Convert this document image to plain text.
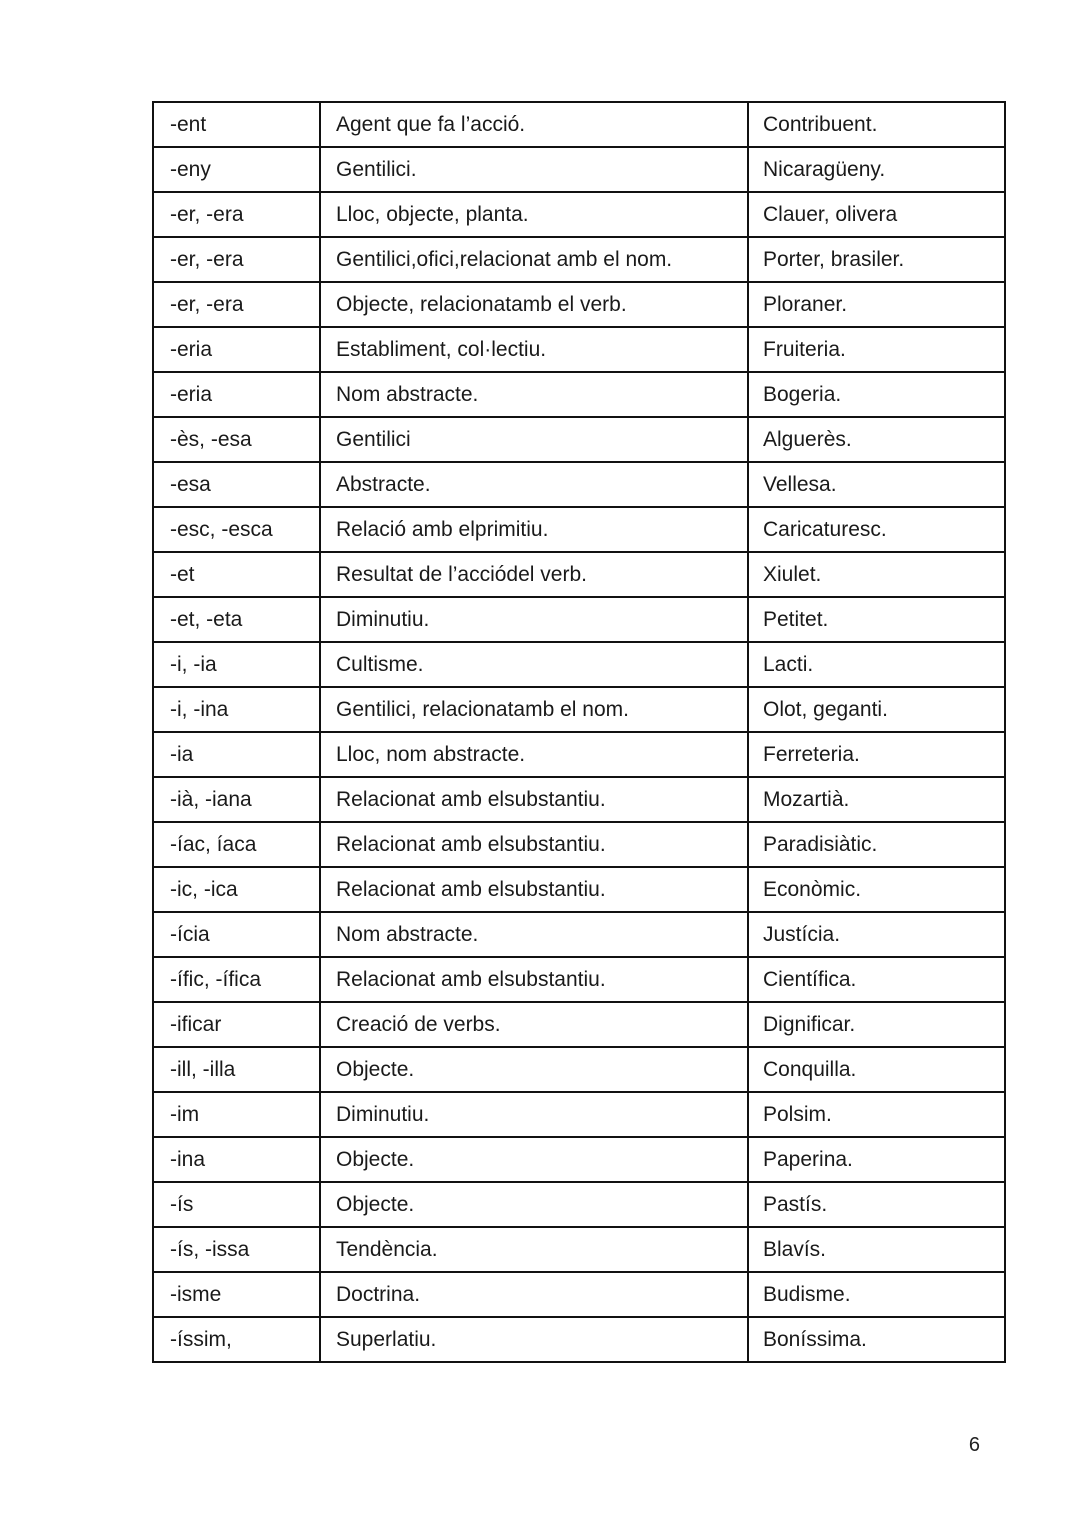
-ent	Agent que fa l’acció.	Contribuent.
-eny	Gentilici.	Nicaragüeny.
-er, -era	Lloc, objecte, planta.	Clauer, olivera
-er, -era	Gentilici,ofici,relacionat amb el nom.	Porter, brasiler.
-er, -era	Objecte, relacionatamb el verb.	Ploraner.
-eria	Establiment, col·lectiu.	Fruiteria.
-eria	Nom abstracte.	Bogeria.
-ès, -esa	Gentilici	Alguerès.
-esa	Abstracte.	Vellesa.
-esc, -esca	Relació amb elprimitiu.	Caricaturesc.
-et	Resultat de l’acciódel verb.	Xiulet.
-et, -eta	Diminutiu.	Petitet.
-i, -ia	Cultisme.	Lacti.
-i, -ina	Gentilici, relacionatamb el nom.	Olot, geganti.
-ia	Lloc, nom abstracte.	Ferreteria.
-ià, -iana	Relacionat amb elsubstantiu.	Mozartià.
-íac, íaca	Relacionat amb elsubstantiu.	Paradisiàtic.
-ic, -ica	Relacionat amb elsubstantiu.	Econòmic.
-ícia	Nom abstracte.	Justícia.
-ífic, -ífica	Relacionat amb elsubstantiu.	Científica.
-ificar	Creació de verbs.	Dignificar.
-ill, -illa	Objecte.	Conquilla.
-im	Diminutiu.	Polsim.
-ina	Objecte.	Paperina.
-ís	Objecte.	Pastís.
-ís, -issa	Tendència.	Blavís.
-isme	Doctrina.	Budisme.
-íssim,	Superlatiu.	Boníssima.
6
